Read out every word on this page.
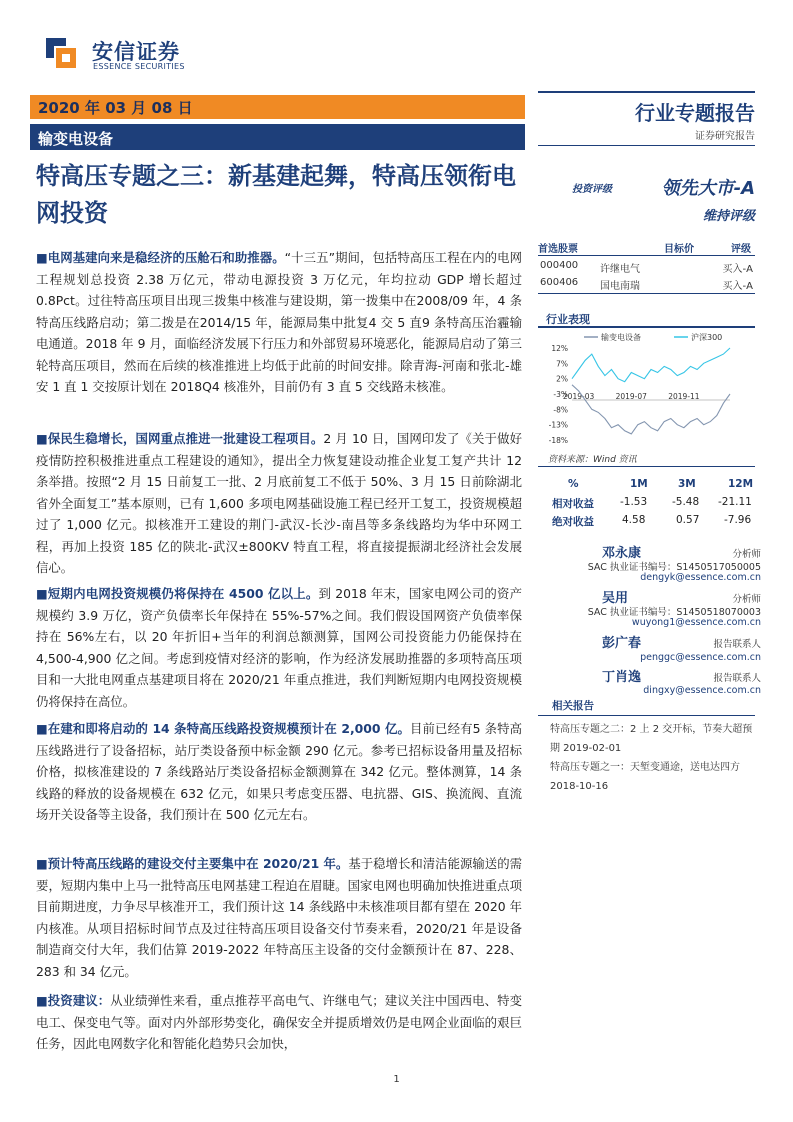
安信证券
ESSENCE SECURITIES
2020 年 03 月 08 日
输变电设备
行业专题报告
证券研究报告
特高压专题之三：新基建起舞，特高压领衔电网投资
投资评级	领先大市-A
维持评级
首选股票	目标价	评级
000400 许继电气	买入-A
600406 国电南瑞	买入-A
行业表现
输变电设备	沪深300
12%
7%
2%
-3%
-8%
-13%
-18%
2019-03	2019-07	2019-11
资料来源：Wind 资讯
%	1M	3M	12M
相对收益 -1.53 -5.48 -21.11
绝对收益	4.58	0.57 -7.96
邓永康	分析师
SAC 执业证书编号：S1450517050005
dengyk@essence.com.cn
吴用	分析师
SAC 执业证书编号：S1450518070003
wuyong1@essence.com.cn
彭广春	报告联系人
penggc@essence.com.cn
丁肖逸	报告联系人
dingxy@essence.com.cn
相关报告
特高压专题之二：2 上 2 交开标，节奏大超预期 2019-02-01
特高压专题之一：天堑变通途，送电达四方 2018-10-16
■电网基建向来是稳经济的压舱石和助推器。“十三五”期间，包括特高压工程在内的电网工程规划总投资 2.38 万亿元，带动电源投资 3 万亿元，年均拉动 GDP 增长超过 0.8Pct。过往特高压项目出现三拨集中核准与建设期，第一拨集中在2008/09 年，4 条特高压线路启动；第二拨是在2014/15 年，能源局集中批复4 交 5 直9 条特高压治霾输电通道。2018 年 9 月，面临经济发展下行压力和外部贸易环境恶化，能源局启动了第三轮特高压项目，然而在后续的核准推进上均低于此前的时间安排。除青海-河南和张北-雄安 1 直 1 交按原计划在 2018Q4 核准外，目前仍有 3 直 5 交线路未核准。
■保民生稳增长，国网重点推进一批建设工程项目。2 月 10 日，国网印发了《关于做好疫情防控积极推进重点工程建设的通知》，提出全力恢复建设动推企业复工复产共计 12 条举措。按照“2 月 15 日前复工一批、2 月底前复工不低于 50%、3 月 15 日前除湖北省外全面复工”基本原则，已有 1,600 多项电网基础设施工程已经开工复工，投资规模超过了 1,000 亿元。拟核准开工建设的荆门-武汉-长沙-南昌等多条线路均为华中环网工程，再加上投资 185 亿的陕北-武汉±800KV 特直工程，将直接提振湖北经济社会发展信心。
■短期内电网投资规模仍将保持在 4500 亿以上。到 2018 年末，国家电网公司的资产规模约 3.9 万亿，资产负债率长年保持在 55%-57%之间。我们假设国网资产负债率保持在 56%左右，以 20 年折旧+当年的利润总额测算，国网公司投资能力仍能保持在 4,500-4,900 亿之间。考虑到疫情对经济的影响，作为经济发展助推器的多项特高压项目和一大批电网重点基建项目将在 2020/21 年重点推进，我们判断短期内电网投资规模仍将保持在高位。
■在建和即将启动的 14 条特高压线路投资规模预计在 2,000 亿。目前已经有5 条特高压线路进行了设备招标，站厅类设备预中标金额 290 亿元。参考已招标设备用量及招标价格，拟核准建设的 7 条线路站厅类设备招标金额测算在 342 亿元。整体测算，14 条线路的释放的设备规模在 632 亿元，如果只考虑变压器、电抗器、GIS、换流阀、直流场开关设备等主设备，我们预计在 500 亿元左右。
■预计特高压线路的建设交付主要集中在 2020/21 年。基于稳增长和清洁能源输送的需要，短期内集中上马一批特高压电网基建工程迫在眉睫。国家电网也明确加快推进重点项目前期进度，力争尽早核准开工，我们预计这 14 条线路中未核准项目都有望在 2020 年内核准。从项目招标时间节点及过往特高压项目设备交付节奏来看，2020/21 年是设备制造商交付大年，我们估算 2019-2022 年特高压主设备的交付金额预计在 87、228、283 和 34 亿元。
■投资建议：从业绩弹性来看，重点推荐平高电气、许继电气；建议关注中国西电、特变电工、保变电气等。面对内外部形势变化，确保安全并提质增效仍是电网企业面临的艰巨任务，因此电网数字化和智能化趋势只会加快，
1
